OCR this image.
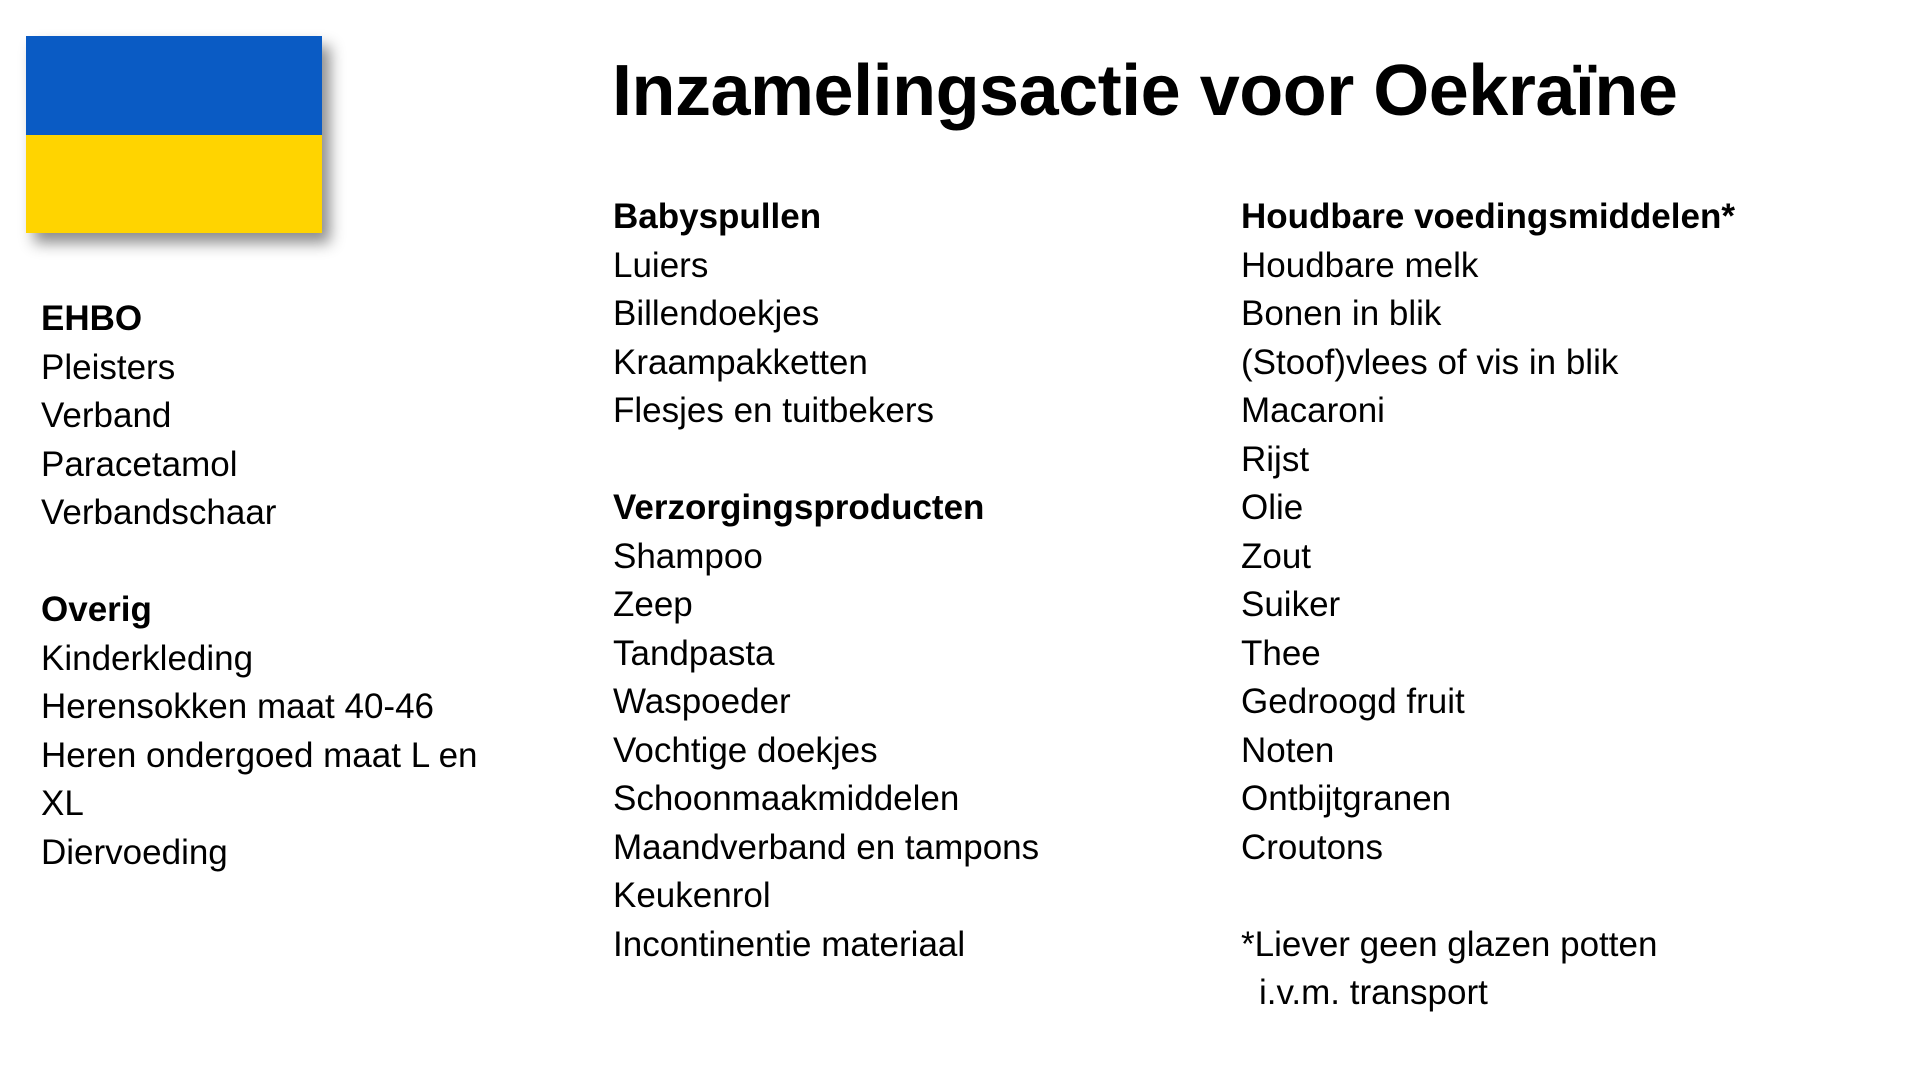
Inzamelingsactie voor Oekraïne
EHBO
Pleisters
Verband
Paracetamol
Verbandschaar
Overig
Kinderkleding
Herensokken maat 40-46
Heren ondergoed maat L en
XL
Diervoeding
Babyspullen
Luiers
Billendoekjes
Kraampakketten
Flesjes en tuitbekers
Verzorgingsproducten
Shampoo
Zeep
Tandpasta
Waspoeder
Vochtige doekjes
Schoonmaakmiddelen
Maandverband en tampons
Keukenrol
Incontinentie materiaal
Houdbare voedingsmiddelen*
Houdbare melk
Bonen in blik
(Stoof)vlees of vis in blik
Macaroni
Rijst
Olie
Zout
Suiker
Thee
Gedroogd fruit
Noten
Ontbijtgranen
Croutons
*Liever geen glazen potten
i.v.m. transport
